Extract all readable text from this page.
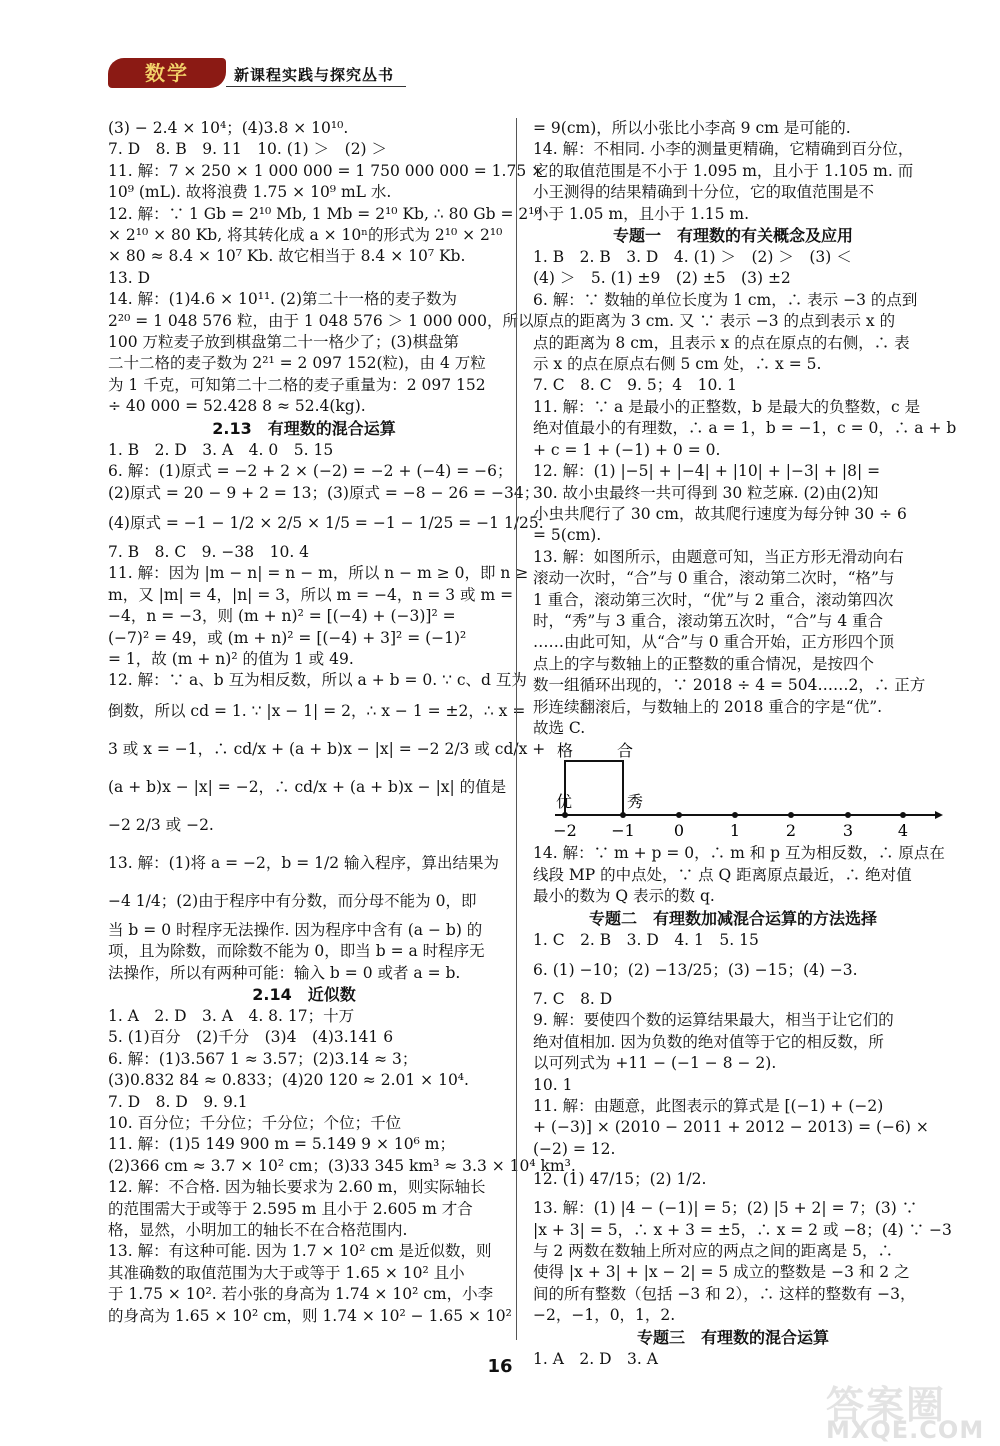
数学	新课程实践与探究丛书
(3) − 2.4 × 10⁴；(4)3.8 × 10¹⁰.
7. D　8. B　9. 11　10. (1) ＞　(2) ＞
11. 解：7 × 250 × 1 000 000 = 1 750 000 000 = 1.75 ×
10⁹ (mL). 故将浪费 1.75 × 10⁹ mL 水.
12. 解：∵ 1 Gb = 2¹⁰ Mb, 1 Mb = 2¹⁰ Kb, ∴ 80 Gb = 2¹⁰
× 2¹⁰ × 80 Kb, 将其转化成 a × 10ⁿ的形式为 2¹⁰ × 2¹⁰
× 80 ≈ 8.4 × 10⁷ Kb. 故它相当于 8.4 × 10⁷ Kb.
13. D
14. 解：(1)4.6 × 10¹¹. (2)第二十一格的麦子数为
2²⁰ = 1 048 576 粒，由于 1 048 576 ＞ 1 000 000，所以
100 万粒麦子放到棋盘第二十一格少了；(3)棋盘第
二十二格的麦子数为 2²¹ = 2 097 152(粒)，由 4 万粒
为 1 千克，可知第二十二格的麦子重量为：2 097 152
÷ 40 000 = 52.428 8 ≈ 52.4(kg).
2.13　有理数的混合运算
1. B　2. D　3. A　4. 0　5. 15
6. 解：(1)原式 = −2 + 2 × (−2) = −2 + (−4) = −6；
(2)原式 = 20 − 9 + 2 = 13；(3)原式 = −8 − 26 = −34；
(4)原式 = −1 − 1/2 × 2/5 × 1/5 = −1 − 1/25 = −1 1/25.
7. B　8. C　9. −38　10. 4
11. 解：因为 |m − n| = n − m，所以 n − m ≥ 0，即 n ≥
m，又 |m| = 4，|n| = 3，所以 m = −4，n = 3 或 m =
−4，n = −3，则 (m + n)² = [(−4) + (−3)]² =
(−7)² = 49，或 (m + n)² = [(−4) + 3]² = (−1)²
= 1，故 (m + n)² 的值为 1 或 49.
12. 解：∵ a、b 互为相反数，所以 a + b = 0. ∵ c、d 互为
倒数，所以 cd = 1. ∵ |x − 1| = 2，∴ x − 1 = ±2，∴ x =
3 或 x = −1，∴ cd/x + (a + b)x − |x| = −2 2/3 或 cd/x +
(a + b)x − |x| = −2，∴ cd/x + (a + b)x − |x| 的值是
−2 2/3 或 −2.
13. 解：(1)将 a = −2，b = 1/2 输入程序，算出结果为
−4 1/4；(2)由于程序中有分数，而分母不能为 0，即
当 b = 0 时程序无法操作. 因为程序中含有 (a − b) 的
项，且为除数，而除数不能为 0，即当 b = a 时程序无
法操作，所以有两种可能：输入 b = 0 或者 a = b.
2.14　近似数
1. A　2. D　3. A　4. 8. 17；十万
5. (1)百分　(2)千分　(3)4　(4)3.141 6
6. 解：(1)3.567 1 ≈ 3.57；(2)3.14 ≈ 3；
(3)0.832 84 ≈ 0.833；(4)20 120 ≈ 2.01 × 10⁴.
7. D　8. D　9. 9.1
10. 百分位；千分位；千分位；个位；千位
11. 解：(1)5 149 900 m = 5.149 9 × 10⁶ m；
(2)366 cm ≈ 3.7 × 10² cm；(3)33 345 km³ ≈ 3.3 × 10⁴ km³.
12. 解：不合格. 因为轴长要求为 2.60 m，则实际轴长
的范围需大于或等于 2.595 m 且小于 2.605 m 才合
格，显然，小明加工的轴长不在合格范围内.
13. 解：有这种可能. 因为 1.7 × 10² cm 是近似数，则
其准确数的取值范围为大于或等于 1.65 × 10² 且小
于 1.75 × 10². 若小张的身高为 1.74 × 10² cm，小李
的身高为 1.65 × 10² cm，则 1.74 × 10² − 1.65 × 10²
= 9(cm)，所以小张比小李高 9 cm 是可能的.
14. 解：不相同. 小李的测量更精确，它精确到百分位，
它的取值范围是不小于 1.095 m，且小于 1.105 m. 而
小王测得的结果精确到十分位，它的取值范围是不
小于 1.05 m，且小于 1.15 m.
专题一　有理数的有关概念及应用
1. B　2. B　3. D　4. (1) ＞　(2) ＞　(3) ＜
(4) ＞　5. (1) ±9　(2) ±5　(3) ±2
6. 解：∵ 数轴的单位长度为 1 cm，∴ 表示 −3 的点到
原点的距离为 3 cm. 又 ∵ 表示 −3 的点到表示 x 的
点的距离为 8 cm，且表示 x 的点在原点的右侧，∴ 表
示 x 的点在原点右侧 5 cm 处，∴ x = 5.
7. C　8. C　9. 5；4　10. 1
11. 解：∵ a 是最小的正整数，b 是最大的负整数，c 是
绝对值最小的有理数，∴ a = 1，b = −1，c = 0，∴ a + b
+ c = 1 + (−1) + 0 = 0.
12. 解：(1) |−5| + |−4| + |10| + |−3| + |8| =
30. 故小虫最终一共可得到 30 粒芝麻. (2)由(2)知
小虫共爬行了 30 cm，故其爬行速度为每分钟 30 ÷ 6
= 5(cm).
13. 解：如图所示，由题意可知，当正方形无滑动向右
滚动一次时，“合”与 0 重合，滚动第二次时，“格”与
1 重合，滚动第三次时，“优”与 2 重合，滚动第四次
时，“秀”与 3 重合，滚动第五次时，“合”与 4 重合
……由此可知，从“合”与 0 重合开始，正方形四个顶
点上的字与数轴上的正整数的重合情况，是按四个
数一组循环出现的，∵ 2018 ÷ 4 = 504……2，∴ 正方
形连续翻滚后，与数轴上的 2018 重合的字是“优”.
故选 C.
格	合
优	秀
−2 −1 0	1	2	3	4
14. 解：∵ m + p = 0，∴ m 和 p 互为相反数，∴ 原点在
线段 MP 的中点处，∵ 点 Q 距离原点最近，∴ 绝对值
最小的数为 Q 表示的数 q.
专题二　有理数加减混合运算的方法选择
1. C　2. B　3. D　4. 1　5. 15
6. (1) −10；(2) −13/25；(3) −15；(4) −3.
7. C　8. D
9. 解：要使四个数的运算结果最大，相当于让它们的
绝对值相加. 因为负数的绝对值等于它的相反数，所
以可列式为 +11 − (−1 − 8 − 2).
10. 1
11. 解：由题意，此图表示的算式是 [(−1) + (−2)
+ (−3)] × (2010 − 2011 + 2012 − 2013) = (−6) ×
(−2) = 12.
12. (1) 47/15；(2) 1/2.
13. 解：(1) |4 − (−1)| = 5；(2) |5 + 2| = 7；(3) ∵
|x + 3| = 5，∴ x + 3 = ±5，∴ x = 2 或 −8；(4) ∵ −3
与 2 两数在数轴上所对应的两点之间的距离是 5，∴
使得 |x + 3| + |x − 2| = 5 成立的整数是 −3 和 2 之
间的所有整数（包括 −3 和 2），∴ 这样的整数有 −3，
−2，−1，0，1，2.
专题三　有理数的混合运算
1. A　2. D　3. A
16
答案圈
MXQE.COM
